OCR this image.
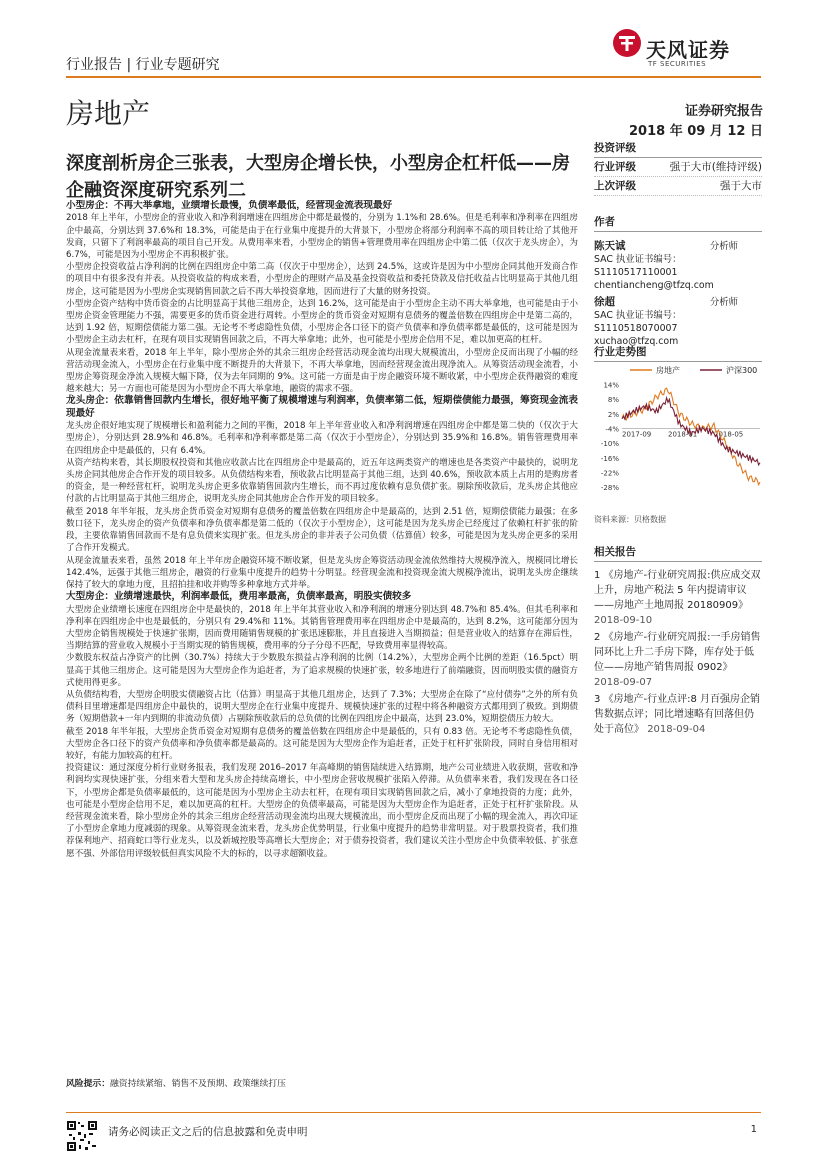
天风证券
TF SECURITIES
行业报告 | 行业专题研究
房地产	证券研究报告
2018 年 09 月 12 日
深度剖析房企三张表，大型房企增长快，小型房企杠杆低——房企融资深度研究系列二

小型房企：不再大举拿地，业绩增长最慢，负债率最低，经营现金流表现最好

2018 年上半年，小型房企的营业收入和净利润增速在四组房企中都是最慢的，分别为 1.1%和 28.6%。但是毛利率和净利率在四组房企中最高，分别达到 37.6%和 18.3%，可能是由于在行业集中度提升的大背景下，小型房企将部分利润率不高的项目转让给了其他开发商，只留下了利润率最高的项目自己开发。从费用率来看，小型房企的销售+管理费用率在四组房企中第二低（仅次于龙头房企），为 6.7%，可能是因为小型房企不再积极扩张。

小型房企投资收益占净利润的比例在四组房企中第二高（仅次于中型房企），达到 24.5%，这或许是因为中小型房企同其他开发商合作的项目中有很多没有并表。从投资收益的构成来看，小型房企的理财产品及基金投资收益和委托贷款及信托收益占比明显高于其他几组房企，这可能是因为小型房企实现销售回款之后不再大举投资拿地，因而进行了大量的财务投资。

小型房企资产结构中货币资金的占比明显高于其他三组房企，达到 16.2%，这可能是由于小型房企主动不再大举拿地，也可能是由于小型房企资金管理能力不强，需要更多的货币资金进行周转。小型房企的货币资金对短期有息债务的覆盖倍数在四组房企中是第二高的，达到 1.92 倍，短期偿债能力第二强。无论考不考虑隐性负债，小型房企各口径下的资产负债率和净负债率都是最低的，这可能是因为小型房企主动去杠杆，在现有项目实现销售回款之后，不再大举拿地；此外，也可能是小型房企信用不足，难以加更高的杠杆。

从现金流量表来看，2018 年上半年，除小型房企外的其余三组房企经营活动现金流均出现大规模流出，小型房企反而出现了小幅的经营活动现金流入，小型房企在行业集中度不断提升的大背景下，不再大举拿地，因而经营现金流出现净流入。从筹资活动现金流看，小型房企筹资现金净流入规模大幅下降，仅为去年同期的 9%。这可能一方面是由于房企融资环境不断收紧，中小型房企获得融资的难度越来越大；另一方面也可能是因为小型房企不再大举拿地，融资的需求不强。

龙头房企：依靠销售回款内生增长，很好地平衡了规模增速与利润率，负债率第二低，短期偿债能力最强，筹资现金流表现最好

龙头房企很好地实现了规模增长和盈利能力之间的平衡，2018 年上半年营业收入和净利润增速在四组房企中都是第二快的（仅次于大型房企），分别达到 28.9%和 46.8%。毛利率和净利率都是第二高（仅次于小型房企），分别达到 35.9%和 16.8%。销售管理费用率在四组房企中是最低的，只有 6.4%。

从资产结构来看，其长期股权投资和其他应收款占比在四组房企中是最高的，近五年这两类资产的增速也是各类资产中最快的，说明龙头房企同其他房企合作开发的项目较多。从负债结构来看，预收款占比明显高于其他三组，达到 40.6%，预收款本质上占用的是购房者的资金，是一种经营杠杆，说明龙头房企更多依靠销售回款内生增长，而不再过度依赖有息负债扩张。剔除预收款后，龙头房企其他应付款的占比明显高于其他三组房企，说明龙头房企同其他房企合作开发的项目较多。

截至 2018 年半年报，龙头房企货币资金对短期有息债务的覆盖倍数在四组房企中是最高的，达到 2.51 倍，短期偿债能力最强；在多数口径下，龙头房企的资产负债率和净负债率都是第二低的（仅次于小型房企），这可能是因为龙头房企已经度过了依赖杠杆扩张的阶段，主要依靠销售回款而不是有息负债来实现扩张。但龙头房企的非并表子公司负债（估算值）较多，可能是因为龙头房企更多的采用了合作开发模式。

从现金流量表来看，虽然 2018 年上半年房企融资环境不断收紧，但是龙头房企筹资活动现金流依然维持大规模净流入，规模同比增长 142.4%，远强于其他三组房企，融资的行业集中度提升的趋势十分明显。经营现金流和投资现金流大规模净流出，说明龙头房企继续保持了较大的拿地力度，且招拍挂和收并购等多种拿地方式并举。

大型房企：业绩增速最快，利润率最低，费用率最高，负债率最高，明股实债较多

大型房企业绩增长速度在四组房企中是最快的，2018 年上半年其营业收入和净利润的增速分别达到 48.7%和 85.4%。但其毛利率和净利率在四组房企中也是最低的，分别只有 29.4%和 11%。其销售管理费用率在四组房企中是最高的，达到 8.2%，这可能部分因为大型房企销售规模处于快速扩张期，因而费用随销售规模的扩张迅速膨胀，并且直接进入当期损益；但是营业收入的结算存在滞后性，当期结算的营业收入规模小于当期实现的销售规模，费用率的分子分母不匹配，导致费用率显得较高。

少数股东权益占净资产的比例（30.7%）持续大于少数股东损益占净利润的比例（14.2%），大型房企两个比例的差距（16.5pct）明显高于其他三组房企。这可能是因为大型房企作为追赶者，为了追求规模的快速扩张，较多地进行了前端融资，因而明股实债的融资方式使用得更多。

从负债结构看，大型房企明股实债融资占比（估算）明显高于其他几组房企，达到了 7.3%；大型房企在除了“应付债券”之外的所有负债科目里增速都是四组房企中最快的，说明大型房企在行业集中度提升、规模快速扩张的过程中将各种融资方式都用到了极致。到期债务（短期借款+一年内到期的非流动负债）占剔除预收款后的总负债的比例在四组房企中最高，达到 23.0%，短期偿债压力较大。

截至 2018 年半年报，大型房企货币资金对短期有息债务的覆盖倍数在四组房企中是最低的，只有 0.83 倍。无论考不考虑隐性负债，大型房企各口径下的资产负债率和净负债率都是最高的。这可能是因为大型房企作为追赶者，正处于杠杆扩张阶段，同时自身信用相对较好，有能力加较高的杠杆。

投资建议：通过深度分析行业财务报表，我们发现 2016–2017 年高峰期的销售陆续进入结算期，地产公司业绩进入收获期，营收和净利润均实现快速扩张，分组来看大型和龙头房企持续高增长，中小型房企营收规模扩张陷入停滞。从负债率来看，我们发现在各口径下，小型房企都是负债率最低的，这可能是因为小型房企主动去杠杆，在现有项目实现销售回款之后，减小了拿地投资的力度；此外，也可能是小型房企信用不足，难以加更高的杠杆。大型房企的负债率最高，可能是因为大型房企作为追赶者，正处于杠杆扩张阶段。从经营现金流来看，除小型房企外的其余三组房企经营活动现金流均出现大规模流出，而小型房企反而出现了小幅的现金流入，再次印证了小型房企拿地力度减弱的现象。从筹资现金流来看，龙头房企优势明显，行业集中度提升的趋势非常明显。对于股票投资者，我们推荐保利地产、招商蛇口等行业龙头，以及新城控股等高增长大型房企；对于债券投资者，我们建议关注小型房企中负债率较低、扩张意愿不强、外部信用评级较低但真实风险不大的标的，以寻求超额收益。

投资评级
行业评级	强于大市(维持评级)
上次评级	强于大市
作者
陈天诚	分析师
SAC 执业证书编号：S1110517110001
chentiancheng@tfzq.com
徐超	分析师
SAC 执业证书编号：S1110518070007
xuchao@tfzq.com
行业走势图
房地产	沪深300
14%
8%
2%
-4%
-10%
-16%
-22%
-28%
2017-09 2018-01 2018-05
资料来源：贝格数据
相关报告
1 《房地产-行业研究周报:供应成交双上升，房地产税法 5 年内提请审议——房地产土地周报 20180909》 2018-09-10
2 《房地产-行业研究周报:一手房销售同环比上升二手房下降，库存处于低位——房地产销售周报 0902》 2018-09-07
3 《房地产-行业点评:8 月百强房企销售数据点评；同比增速略有回落但仍处于高位》 2018-09-04
风险提示：融资持续紧缩、销售不及预期、政策继续打压
请务必阅读正文之后的信息披露和免责申明	1
